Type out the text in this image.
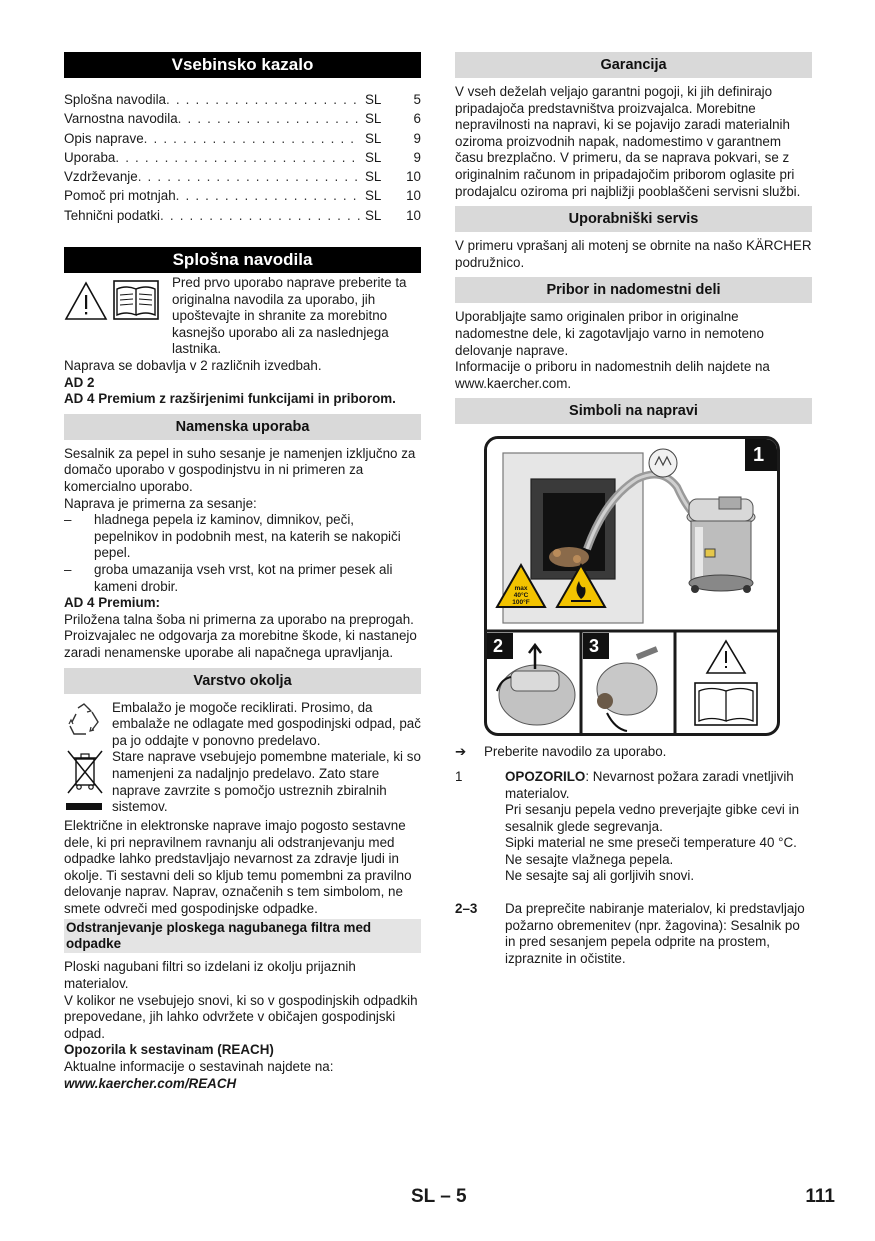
Vsebinsko kazalo
Splošna navodila . . .	SL	5
Varnostna navodila . . .	SL	6
Opis naprave . . .	SL	9
Uporaba . . .	SL	9
Vzdrževanje . . .	SL	10
Pomoč pri motnjah . . .	SL	10
Tehnični podatki . . .	SL	10
Splošna navodila

Pred prvo uporabo naprave preberite ta originalna navodila za uporabo, jih upoštevajte in shranite za morebitno kasnejšo uporabo ali za naslednjega lastnika.

Naprava se dobavlja v 2 različnih izvedbah.

AD 2

AD 4 Premium z razširjenimi funkcijami in priborom.

Namenska uporaba

Sesalnik za pepel in suho sesanje je namenjen izključno za domačo uporabo v gospodinjstvu in ni primeren za komercialno uporabo.

Naprava je primerna za sesanje:

–	hladnega pepela iz kaminov, dimnikov, peči, pepelnikov in podobnih mest, na katerih se nakopiči pepel.
–	groba umazanija vseh vrst, kot na primer pesek ali kameni drobir.

AD 4 Premium:

Priložena talna šoba ni primerna za uporabo na preprogah.

Proizvajalec ne odgovarja za morebitne škode, ki nastanejo zaradi nenamenske uporabe ali napačnega upravljanja.

Varstvo okolja

Embalažo je mogoče reciklirati. Prosimo, da embalaže ne odlagate med gospodinjski odpad, pač pa jo oddajte v ponovno predelavo.

Stare naprave vsebujejo pomembne materiale, ki so namenjeni za nadaljnjo predelavo. Zato stare naprave zavrzite s pomočjo ustreznih zbiralnih sistemov.

Električne in elektronske naprave imajo pogosto sestavne dele, ki pri nepravilnem ravnanju ali odstranjevanju med odpadke lahko predstavljajo nevarnost za zdravje ljudi in okolje. Ti sestavni deli so kljub temu pomembni za pravilno delovanje naprav. Naprav, označenih s tem simbolom, ne smete odvreči med gospodinjske odpadke.

Odstranjevanje ploskega nagubanega filtra med odpadke

Ploski nagubani filtri so izdelani iz okolju prijaznih materialov.

V kolikor ne vsebujejo snovi, ki so v gospodinjskih odpadkih prepovedane, jih lahko odvržete v običajen gospodinjski odpad.

Opozorila k sestavinam (REACH)

Aktualne informacije o sestavinah najdete na:

www.kaercher.com/REACH

Garancija

V vseh deželah veljajo garantni pogoji, ki jih definirajo pripadajoča predstavništva proizvajalca. Morebitne nepravilnosti na napravi, ki se pojavijo zaradi materialnih oziroma proizvodnih napak, nadomestimo v garantnem času brezplačno. V primeru, da se naprava pokvari, se z originalnim računom in pripadajočim priborom oglasite pri prodajalcu oziroma pri najbližji pooblaščeni servisni službi.

Uporabniški servis

V primeru vprašanj ali motenj se obrnite na našo KÄRCHER podružnico.

Pribor in nadomestni deli

Uporabljajte samo originalen pribor in originalne nadomestne dele, ki zagotavljajo varno in nemoteno delovanje naprave.

Informacije o priboru in nadomestnih delih najdete na www.kaercher.com.

Simboli na napravi
1
2	3
max
40°C
100°F
➔	Preberite navodilo za uporabo.
1	OPOZORILO: Nevarnost požara zaradi vnetljivih materialov.

Pri sesanju pepela vedno preverjajte gibke cevi in sesalnik glede segrevanja.

Sipki material ne sme preseči temperature 40 °C.

Ne sesajte vlažnega pepela.

Ne sesajte saj ali gorljivih snovi.

2–3	Da preprečite nabiranje materialov, ki predstavljajo požarno obremenitev (npr. žagovina): Sesalnik po in pred sesanjem pepela odprite na prostem, izpraznite in očistite.

SL – 5	111
